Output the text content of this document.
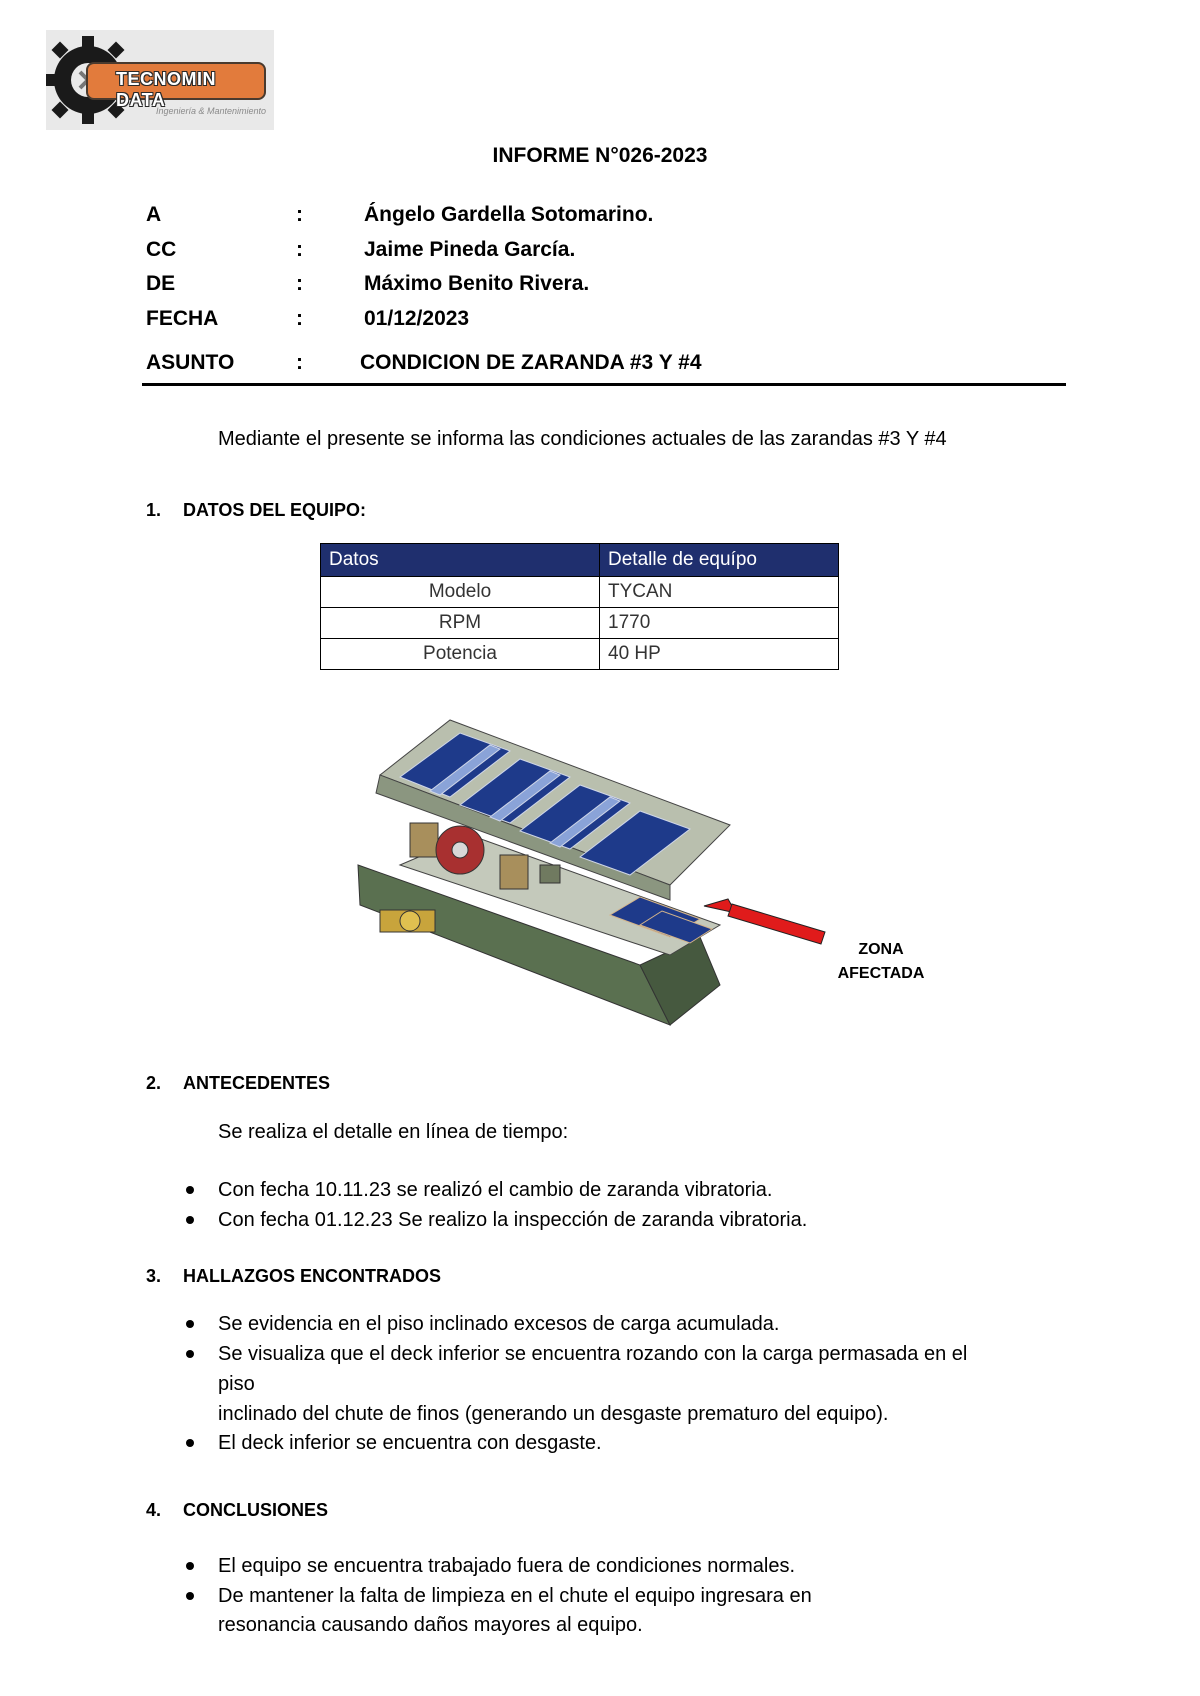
TECNOMIN DATA
Ingeniería & Mantenimiento
INFORME N°026-2023
A	:	Ángelo Gardella Sotomarino.
CC	:	Jaime Pineda García.
DE	:	Máximo Benito Rivera.
FECHA	:	01/12/2023
ASUNTO	:	CONDICION DE ZARANDA #3 Y #4
Mediante el presente se informa las condiciones actuales de las zarandas #3 Y #4
1. DATOS DEL EQUIPO:
Datos	Detalle de equípo
Modelo	TYCAN
RPM	1770
Potencia	40 HP
ZONA
AFECTADA
2. ANTECEDENTES
Se realiza el detalle en línea de tiempo:
Con fecha 10.11.23 se realizó el cambio de zaranda vibratoria.
Con fecha 01.12.23 Se realizo la inspección de zaranda vibratoria.
3. HALLAZGOS ENCONTRADOS
Se evidencia en el piso inclinado excesos de carga acumulada.
Se visualiza que el deck inferior se encuentra rozando con la carga permasada en el
piso
inclinado del chute de finos (generando un desgaste prematuro del equipo).
El deck inferior se encuentra con desgaste.
4. CONCLUSIONES
El equipo se encuentra trabajado fuera de condiciones normales.
De mantener la falta de limpieza en el chute el equipo ingresara en
resonancia causando daños mayores al equipo.
